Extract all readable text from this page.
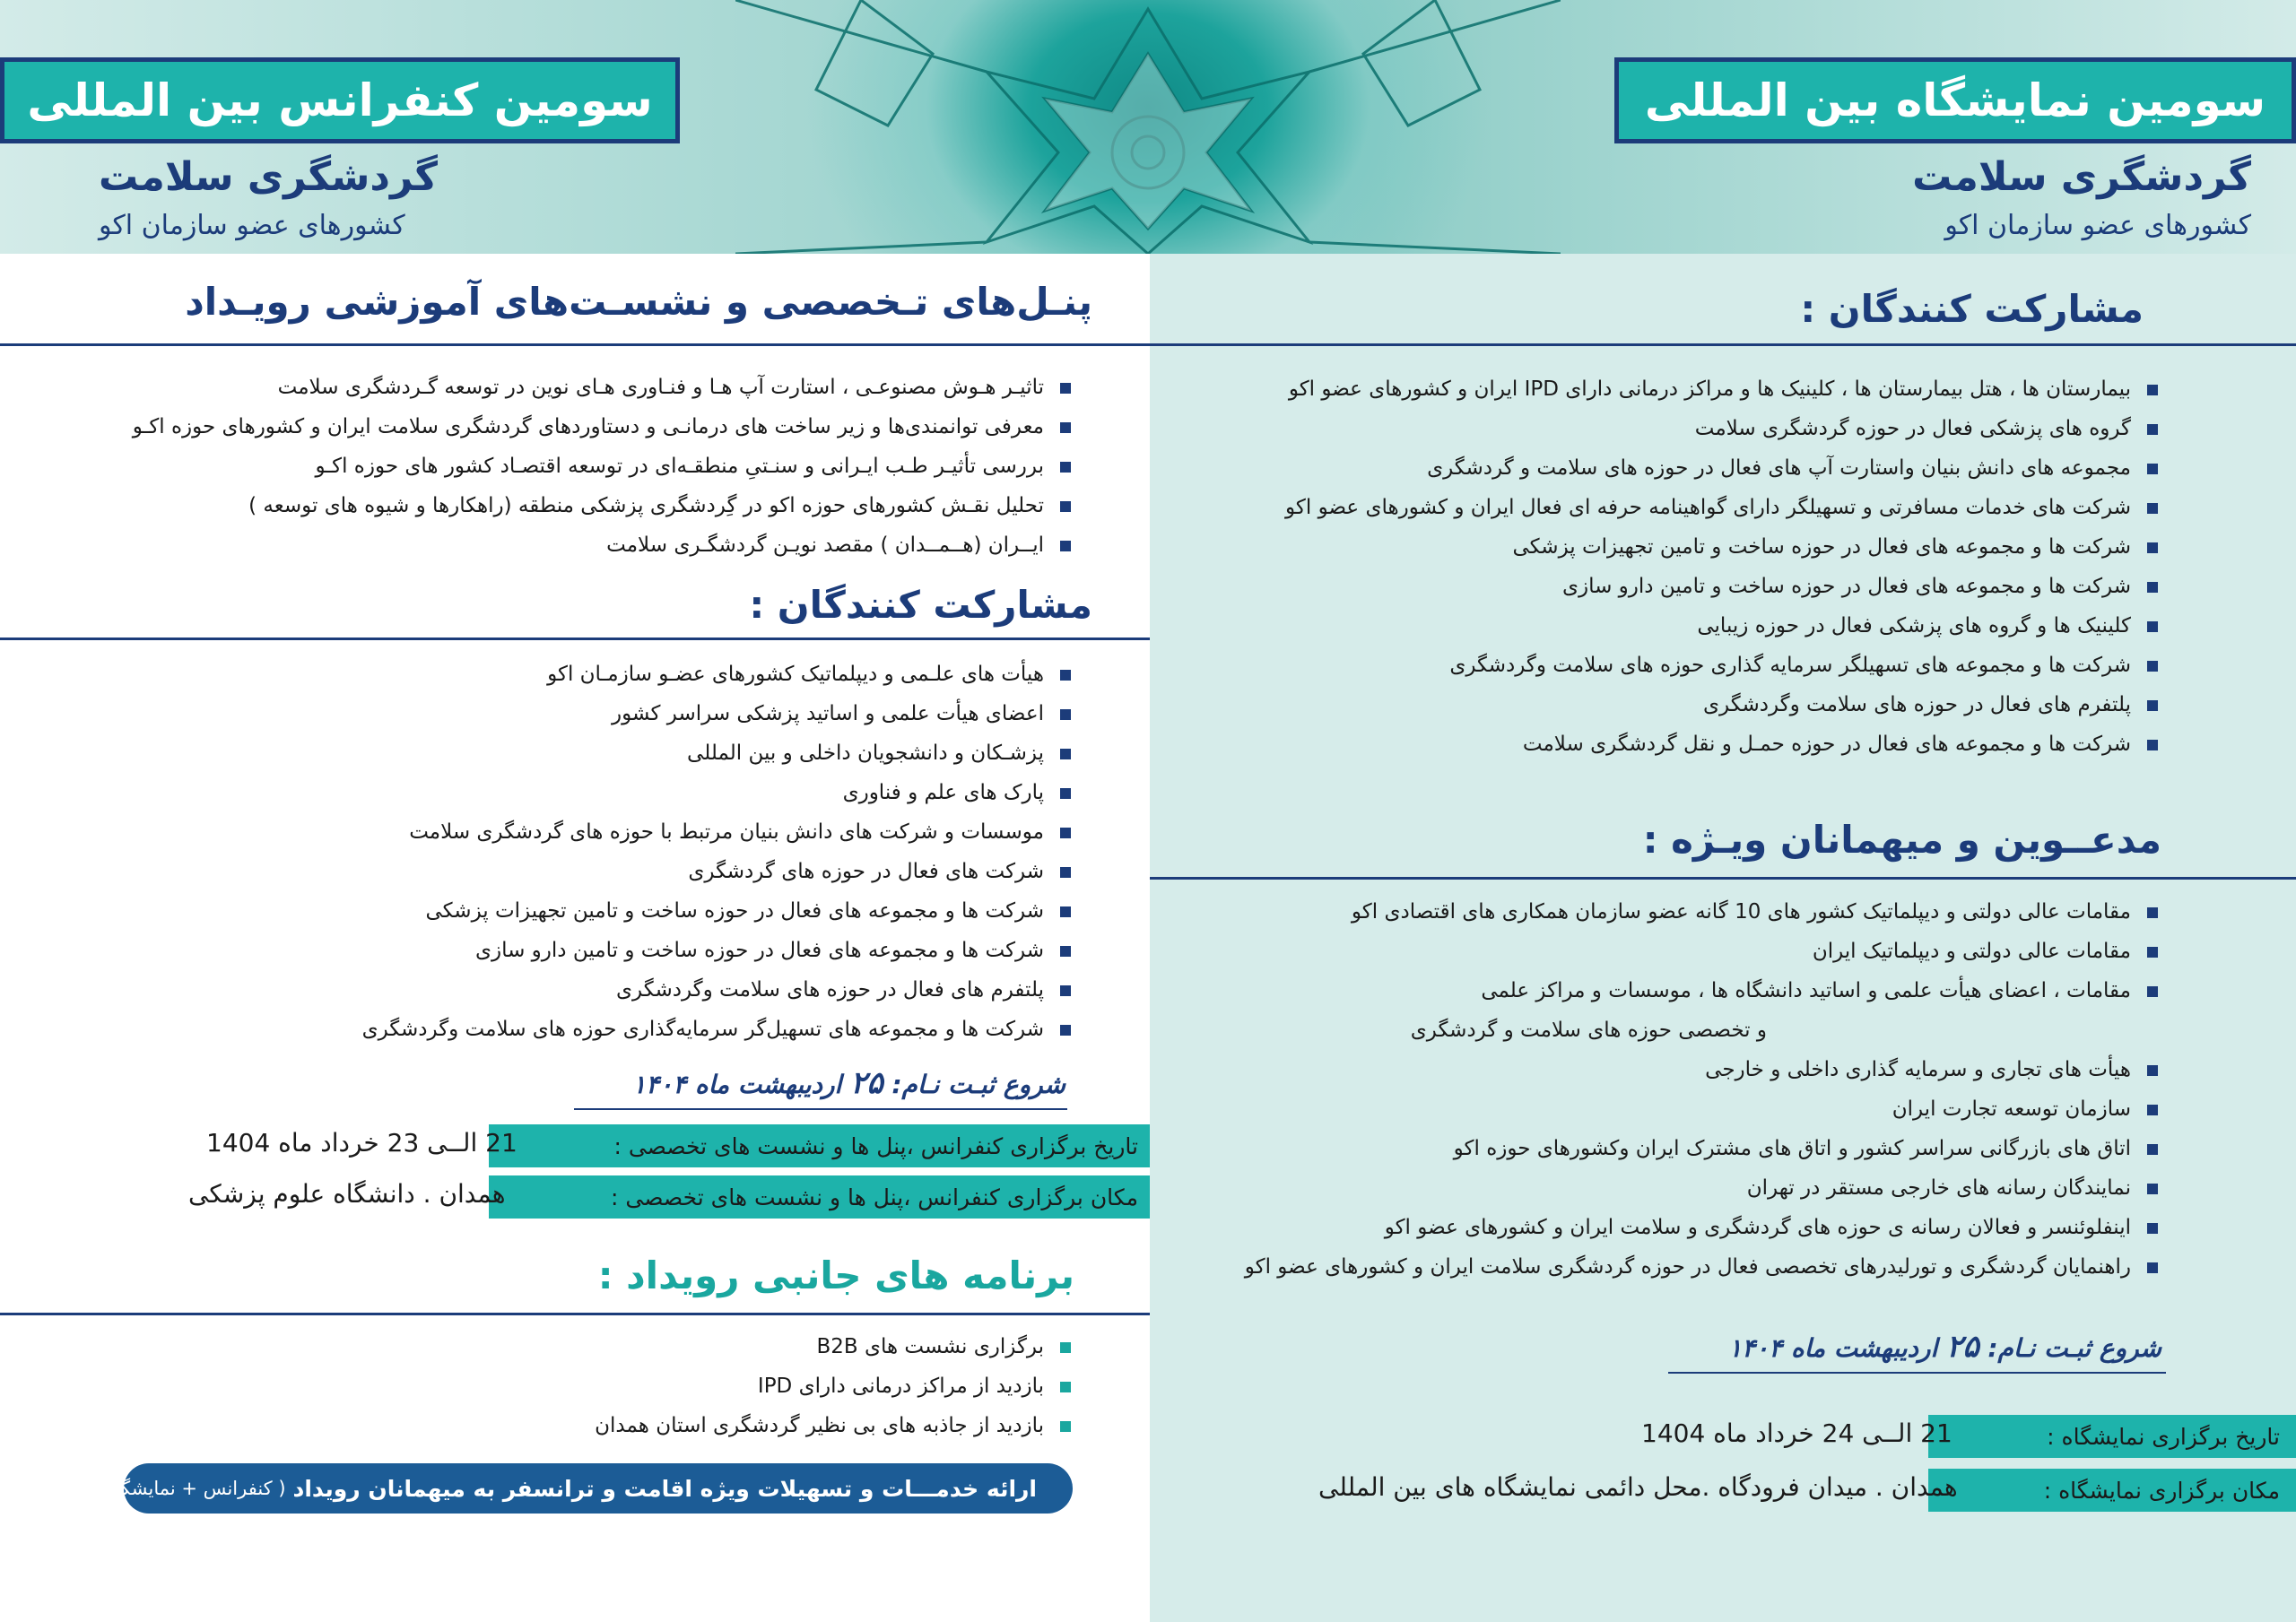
سومین کنفرانس بین المللی
گردشگری سلامت
کشورهای عضو سازمان اکو
سومین نمایشگاه بین المللی
گردشگری سلامت
کشورهای عضو سازمان اکو
پنـل‌های تـخصصی و نشسـت‌های آموزشی رویـداد
تاثیـر هـوش مصنوعـی ، استارت آپ هـا و فنـاوری هـای نوین در توسعه گـردشگری سلامت
معرفی توانمندی‌ها و زیر ساخت‌ های درمانـی و دستاوردهای گردشگری سلامت ایران و کشورهای حوزه اکـو
بررسی تأثیـر طـب ایـرانی و سنـتیِ منطقـه‌ای در توسعه اقتصـاد کشور های حوزه اکـو
تحلیل نقـش کشورهای حوزه اکو در گِردشگری پزشکی منطقه (راهکارها و شیوه های توسعه )
ایــران (هــمــدان ) مقصد نویـن گردشگـری سلامت
مشارکت کنندگان :
هیأت های علـمی و دیپلماتیک کشورهای عضـو سازمـان اکو
اعضای هیأت علمی و اساتید پزشکی سراسر کشور
پزشـکان و دانشجویان داخلی و بین المللی
پارک های علم و فناوری
موسسات و شرکت های دانش بنیان مرتبط با حوزه های گردشگری سلامت
شرکت های فعال در حوزه های گردشگری
شرکت ها و مجموعه های فعال در حوزه ساخت و تامین تجهیزات پزشکی
شرکت ها و مجموعه های فعال در حوزه ساخت و تامین دارو سازی
پلتفرم های فعال در حوزه های سلامت وگردشگری
شرکت ها و مجموعه های تسهیل‌گر سرمایه‌گذاری حوزه های سلامت وگردشگری
شروع ثبـت نـام: ۲۵ اردیبهشت ماه ۱۴۰۴
تاریخ برگزاری کنفرانس ،پنل ها و نشست های تخصصی :
21 الــی 23 خرداد ماه 1404
مکان برگزاری کنفرانس ،پنل ها و نشست های تخصصی :
همدان . دانشگاه علوم پزشکی
برنامه های جانبی رویداد :
برگزاری نشست های B2B
بازدید از مراکز درمانی دارای IPD
بازدید از جاذبه های بی نظیر گردشگری استان همدان
ارائه خدمـــات و تسهیلات ویژه اقامت و ترانسفر به میهمانان رویداد
( کنفرانس + نمایشگاه )
مشارکت کنندگان :
بیمارستان ها ، هتل بیمارستان ها ، کلینیک ها و مراکز درمانی دارای IPD ایران و کشورهای عضو اکو
گروه های پزشکی فعال در حوزه گردشگری سلامت
مجموعه های دانش بنیان واستارت آپ های فعال در حوزه های سلامت و گردشگری
شرکت های خدمات مسافرتی و تسهیلگر دارای گواهینامه حرفه ای فعال ایران و کشورهای عضو اکو
شرکت ها و مجموعه های فعال در حوزه ساخت و تامین تجهیزات پزشکی
شرکت ها و مجموعه های فعال در حوزه ساخت و تامین دارو سازی
کلینیک ها و گروه های پزشکی فعال در حوزه زیبایی
شرکت ها و مجموعه های تسهیلگر سرمایه گذاری حوزه های سلامت وگردشگری
پلتفرم های فعال در حوزه های سلامت وگردشگری
شرکت ها و مجموعه های فعال در حوزه حمـل و نقل گردشگری سلامت
مدعــوین و میهمانان ویـژه :
مقامات عالی دولتی و دیپلماتیک کشور های 10 گانه عضو سازمان همکاری های اقتصادی اکو
مقامات عالی دولتی و دیپلماتیک ایران
مقامات ، اعضای هیأت علمی و اساتید دانشگاه ها ، موسسات و مراکز علمی
و تخصصی حوزه های سلامت و گردشگری
هیأت های تجاری و سرمایه گذاری داخلی و خارجی
سازمان توسعه تجارت ایران
اتاق های بازرگانی سراسر کشور و اتاق های مشترک ایران وکشورهای حوزه اکو
نمایندگان رسانه های خارجی مستقر در تهران
اینفلوئنسر و فعالان رسانه ی حوزه های گردشگری و سلامت ایران و کشورهای عضو اکو
راهنمایان گردشگری و تورلیدرهای تخصصی فعال در حوزه گردشگری سلامت ایران و کشورهای عضو اکو
شروع ثبـت نـام: ۲۵ اردیبهشت ماه ۱۴۰۴
تاریخ برگزاری نمایشگاه :
21 الــی 24 خرداد ماه 1404
مکان برگزاری نمایشگاه :
همدان . میدان فرودگاه .محل دائمی نمایشگاه های بین المللی
